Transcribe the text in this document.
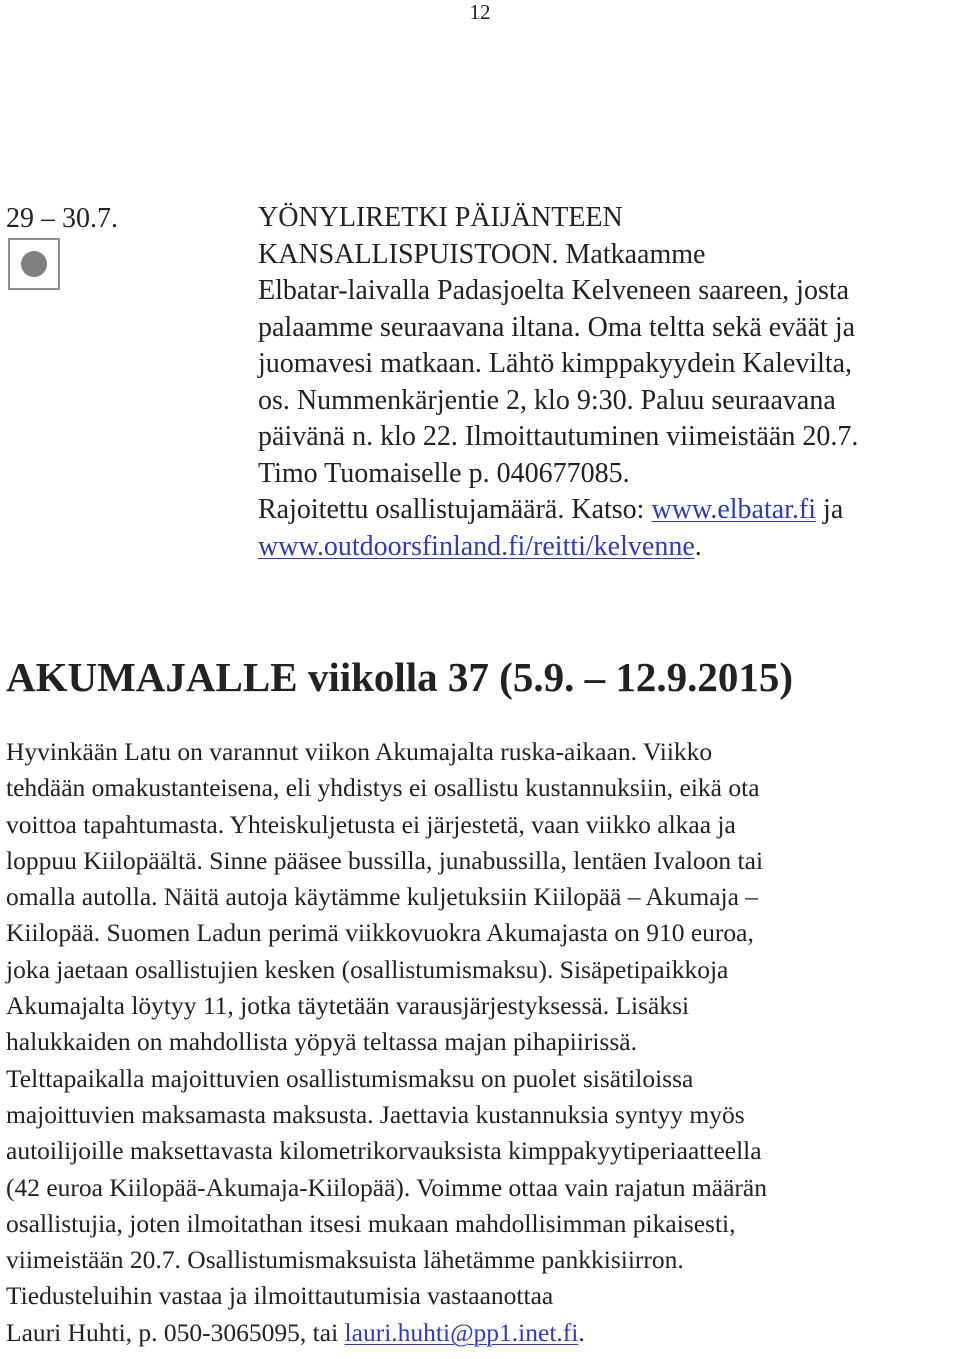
12
29 – 30.7.	YÖNYLIRETKI PÄIJÄNTEEN

KANSALLISPUISTOON. Matkaamme

Elbatar-laivalla Padasjoelta Kelveneen saareen, josta

palaamme seuraavana iltana. Oma teltta sekä eväät ja

juomavesi matkaan. Lähtö kimppakyydein Kalevilta,

os. Nummenkärjentie 2, klo 9:30. Paluu seuraavana

päivänä n. klo 22. Ilmoittautuminen viimeistään 20.7.

Timo Tuomaiselle p. 040677085.

Rajoitettu osallistujamäärä. Katso: www.elbatar.fi ja

www.outdoorsfinland.fi/reitti/kelvenne.

AKUMAJALLE viikolla 37 (5.9. – 12.9.2015)

Hyvinkään Latu on varannut viikon Akumajalta ruska-aikaan. Viikko

tehdään omakustanteisena, eli yhdistys ei osallistu kustannuksiin, eikä ota

voittoa tapahtumasta. Yhteiskuljetusta ei järjestetä, vaan viikko alkaa ja

loppuu Kiilopäältä. Sinne pääsee bussilla, junabussilla, lentäen Ivaloon tai

omalla autolla. Näitä autoja käytämme kuljetuksiin Kiilopää – Akumaja –

Kiilopää. Suomen Ladun perimä viikkovuokra Akumajasta on 910 euroa,

joka jaetaan osallistujien kesken (osallistumismaksu). Sisäpetipaikkoja

Akumajalta löytyy 11, jotka täytetään varausjärjestyksessä. Lisäksi

halukkaiden on mahdollista yöpyä teltassa majan pihapiirissä.

Telttapaikalla majoittuvien osallistumismaksu on puolet sisätiloissa

majoittuvien maksamasta maksusta. Jaettavia kustannuksia syntyy myös

autoilijoille maksettavasta kilometrikorvauksista kimppakyytiperiaatteella

(42 euroa Kiilopää-Akumaja-Kiilopää). Voimme ottaa vain rajatun määrän

osallistujia, joten ilmoitathan itsesi mukaan mahdollisimman pikaisesti,

viimeistään 20.7. Osallistumismaksuista lähetämme pankkisiirron.

Tiedusteluihin vastaa ja ilmoittautumisia vastaanottaa

Lauri Huhti, p. 050-3065095, tai lauri.huhti@pp1.inet.fi.
